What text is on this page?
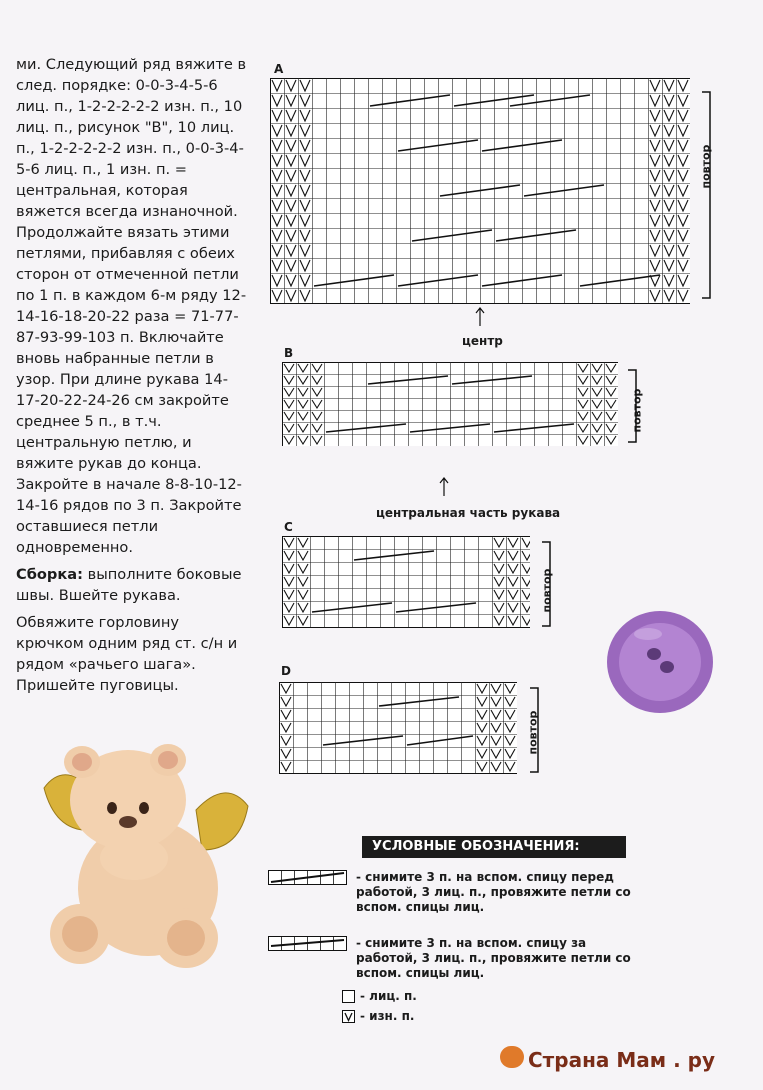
ми. Следующий ряд вяжите в след. порядке: 0-0-3-4-5-6 лиц. п., 1-2-2-2-2-2 изн. п., 10 лиц. п., рисунок "В", 10 лиц. п., 1-2-2-2-2-2 изн. п., 0-0-3-4-5-6 лиц. п., 1 изн. п. = центральная, которая вяжется всегда изнаночной. Продолжайте вязать этими петлями, прибавляя с обеих сторон от отмеченной петли по 1 п. в каждом 6-м ряду 12-14-16-18-20-22 раза = 71-77-87-93-99-103 п. Включайте вновь набранные петли в узор. При длине рукава 14-17-20-22-24-26 см закройте среднее 5 п., в т.ч. центральную петлю, и вяжите рукав до конца. Закройте в начале 8-8-10-12-14-16 рядов по 3 п. Закройте оставшиеся петли одновременно.

Сборка: выполните боковые швы. Вшейте рукава.

Обвяжите горловину крючком одним ряд ст. с/н и рядом «рачьего шага». Пришейте пуговицы.

A
повтор
центр
B
повтор
центральная часть рукава
C
повтор
D
повтор
УСЛОВНЫЕ ОБОЗНАЧЕНИЯ:
- снимите 3 п. на вспом. спицу перед работой, 3 лиц. п., провяжите петли со вспом. спицы лиц.
- снимите 3 п. на вспом. спицу за работой, 3 лиц. п., провяжите петли со вспом. спицы лиц.
- лиц. п.
- изн. п.
Страна Мам . ру
